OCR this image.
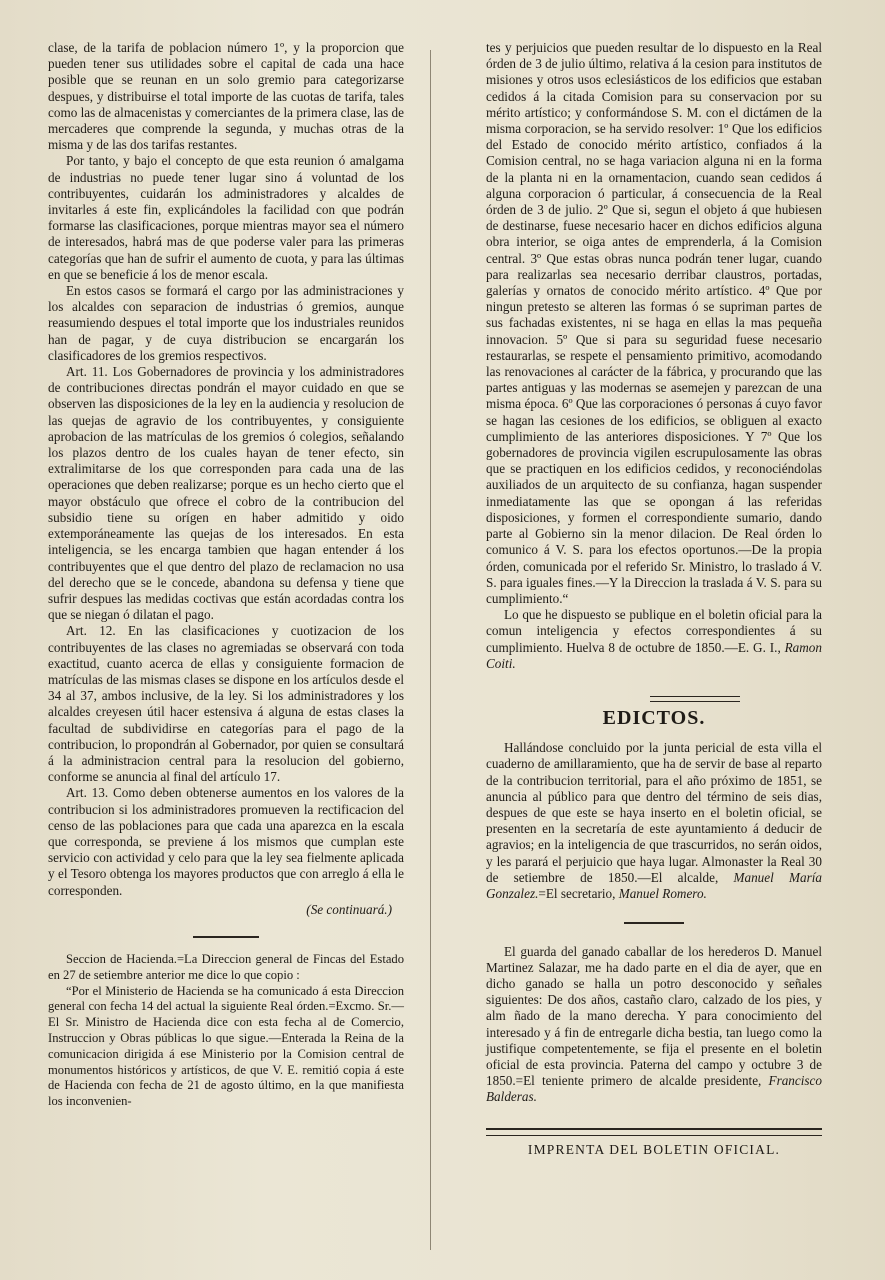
clase, de la tarifa de poblacion número 1º, y la proporcion que pueden tener sus utilidades sobre el capital de cada una hace posible que se reunan en un solo gremio para categorizarse despues, y distribuirse el total importe de las cuotas de tarifa, tales como las de almacenistas y comerciantes de la primera clase, las de mercaderes que comprende la segunda, y muchas otras de la misma y de las dos tarifas restantes.

Por tanto, y bajo el concepto de que esta reunion ó amalgama de industrias no puede tener lugar sino á voluntad de los contribuyentes, cuidarán los administradores y alcaldes de invitarles á este fin, explicándoles la facilidad con que podrán formarse las clasificaciones, porque mientras mayor sea el número de interesados, habrá mas de que poderse valer para las primeras categorías que han de sufrir el aumento de cuota, y para las últimas en que se beneficie á los de menor escala.

En estos casos se formará el cargo por las administraciones y los alcaldes con separacion de industrias ó gremios, aunque reasumiendo despues el total importe que los industriales reunidos han de pagar, y de cuya distribucion se encargarán los clasificadores de los gremios respectivos.

Art. 11. Los Gobernadores de provincia y los administradores de contribuciones directas pondrán el mayor cuidado en que se observen las disposiciones de la ley en la audiencia y resolucion de las quejas de agravio de los contribuyentes, y consiguiente aprobacion de las matrículas de los gremios ó colegios, señalando los plazos dentro de los cuales hayan de tener efecto, sin extralimitarse de los que corresponden para cada una de las operaciones que deben realizarse; porque es un hecho cierto que el mayor obstáculo que ofrece el cobro de la contribucion del subsidio tiene su orígen en haber admitido y oido extemporáneamente las quejas de los interesados. En esta inteligencia, se les encarga tambien que hagan entender á los contribuyentes que el que dentro del plazo de reclamacion no usa del derecho que se le concede, abandona su defensa y tiene que sufrir despues las medidas coctivas que están acordadas contra los que se niegan ó dilatan el pago.

Art. 12. En las clasificaciones y cuotizacion de los contribuyentes de las clases no agremiadas se observará con toda exactitud, cuanto acerca de ellas y consiguiente formacion de matrículas de las mismas clases se dispone en los artículos desde el 34 al 37, ambos inclusive, de la ley. Si los administradores y los alcaldes creyesen útil hacer estensiva á alguna de estas clases la facultad de subdividirse en categorías para el pago de la contribucion, lo propondrán al Gobernador, por quien se consultará á la administracion central para la resolucion del gobierno, conforme se anuncia al final del artículo 17.

Art. 13. Como deben obtenerse aumentos en los valores de la contribucion si los administradores promueven la rectificacion del censo de las poblaciones para que cada una aparezca en la escala que corresponda, se previene á los mismos que cumplan este servicio con actividad y celo para que la ley sea fielmente aplicada y el Tesoro obtenga los mayores productos que con arreglo á ella le corresponden.

(Se continuará.)

Seccion de Hacienda.=La Direccion general de Fincas del Estado en 27 de setiembre anterior me dice lo que copio :

“Por el Ministerio de Hacienda se ha comunicado á esta Direccion general con fecha 14 del actual la siguiente Real órden.=Excmo. Sr.—El Sr. Ministro de Hacienda dice con esta fecha al de Comercio, Instruccion y Obras públicas lo que sigue.—Enterada la Reina de la comunicacion dirigida á ese Ministerio por la Comision central de monumentos históricos y artísticos, de que V. E. remitió copia á este de Hacienda con fecha de 21 de agosto último, en la que manifiesta los inconvenien-

tes y perjuicios que pueden resultar de lo dispuesto en la Real órden de 3 de julio último, relativa á la cesion para institutos de misiones y otros usos eclesiásticos de los edificios que estaban cedidos á la citada Comision para su conservacion por su mérito artístico; y conformándose S. M. con el dictámen de la misma corporacion, se ha servido resolver: 1º Que los edificios del Estado de conocido mérito artístico, confiados á la Comision central, no se haga variacion alguna ni en la forma de la planta ni en la ornamentacion, cuando sean cedidos á alguna corporacion ó particular, á consecuencia de la Real órden de 3 de julio. 2º Que si, segun el objeto á que hubiesen de destinarse, fuese necesario hacer en dichos edificios alguna obra interior, se oiga antes de emprenderla, á la Comision central. 3º Que estas obras nunca podrán tener lugar, cuando para realizarlas sea necesario derribar claustros, portadas, galerías y ornatos de conocido mérito artístico. 4º Que por ningun pretesto se alteren las formas ó se supriman partes de sus fachadas existentes, ni se haga en ellas la mas pequeña innovacion. 5º Que si para su seguridad fuese necesario restaurarlas, se respete el pensamiento primitivo, acomodando las renovaciones al carácter de la fábrica, y procurando que las partes antiguas y las modernas se asemejen y parezcan de una misma época. 6º Que las corporaciones ó personas á cuyo favor se hagan las cesiones de los edificios, se obliguen al exacto cumplimiento de las anteriores disposiciones. Y 7º Que los gobernadores de provincia vigilen escrupulosamente las obras que se practiquen en los edificios cedidos, y reconociéndolas auxiliados de un arquitecto de su confianza, hagan suspender inmediatamente las que se opongan á las referidas disposiciones, y formen el correspondiente sumario, dando parte al Gobierno sin la menor dilacion. De Real órden lo comunico á V. S. para los efectos oportunos.—De la propia órden, comunicada por el referido Sr. Ministro, lo traslado á V. S. para iguales fines.—Y la Direccion la traslada á V. S. para su cumplimiento.“

Lo que he dispuesto se publique en el boletin oficial para la comun inteligencia y efectos correspondientes á su cumplimiento. Huelva 8 de octubre de 1850.—E. G. I., Ramon Coiti.

EDICTOS.

Hallándose concluido por la junta pericial de esta villa el cuaderno de amillaramiento, que ha de servir de base al reparto de la contribucion territorial, para el año próximo de 1851, se anuncia al público para que dentro del término de seis dias, despues de que este se haya inserto en el boletin oficial, se presenten en la secretaría de este ayuntamiento á deducir de agravios; en la inteligencia de que trascurridos, no serán oidos, y les parará el perjuicio que haya lugar. Almonaster la Real 30 de setiembre de 1850.—El alcalde, Manuel María Gonzalez.=El secretario, Manuel Romero.

El guarda del ganado caballar de los herederos D. Manuel Martinez Salazar, me ha dado parte en el dia de ayer, que en dicho ganado se halla un potro desconocido y señales siguientes: De dos años, castaño claro, calzado de los pies, y alm ñado de la mano derecha. Y para conocimiento del interesado y á fin de entregarle dicha bestia, tan luego como la justifique competentemente, se fija el presente en el boletin oficial de esta provincia. Paterna del campo y octubre 3 de 1850.=El teniente primero de alcalde presidente, Francisco Balderas.

IMPRENTA DEL BOLETIN OFICIAL.
